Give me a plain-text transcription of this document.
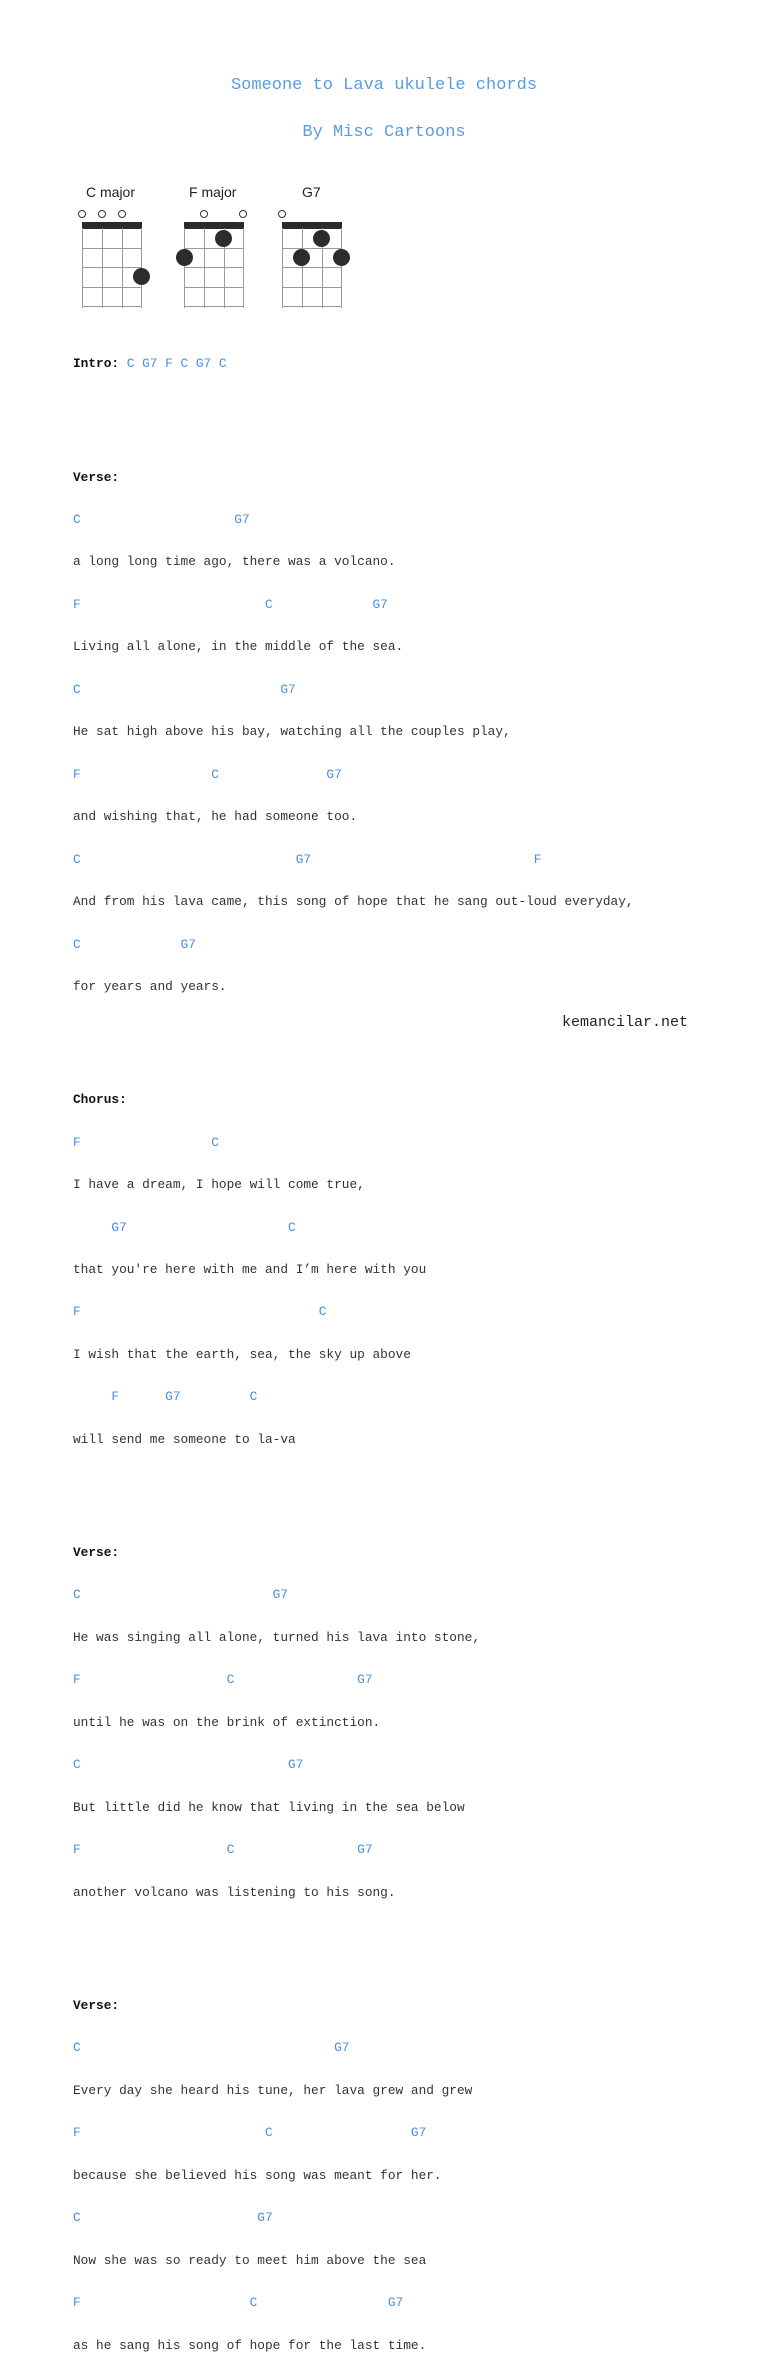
Someone to Lava ukulele chords
By Misc Cartoons
C major	F major	G7

Intro: C G7 F C G7 C

Verse:

C                    G7

a long long time ago, there was a volcano.

F                        C             G7

Living all alone, in the middle of the sea.

C                          G7

He sat high above his bay, watching all the couples play,

F                 C              G7

and wishing that, he had someone too.

C                            G7                             F

And from his lava came, this song of hope that he sang out-loud everyday,

C             G7

for years and years.

Chorus:

F                 C

I have a dream, I hope will come true,

G7                     C

that you're here with me and I’m here with you

F                               C

I wish that the earth, sea, the sky up above

F      G7         C

will send me someone to la-va

Verse:

C                         G7

He was singing all alone, turned his lava into stone,

F                   C                G7

until he was on the brink of extinction.

C                           G7

But little did he know that living in the sea below

F                   C                G7

another volcano was listening to his song.

Verse:

C                                 G7

Every day she heard his tune, her lava grew and grew

F                        C                  G7

because she believed his song was meant for her.

C                       G7

Now she was so ready to meet him above the sea

F                      C                 G7

as he sang his song of hope for the last time.

kemancilar.net
